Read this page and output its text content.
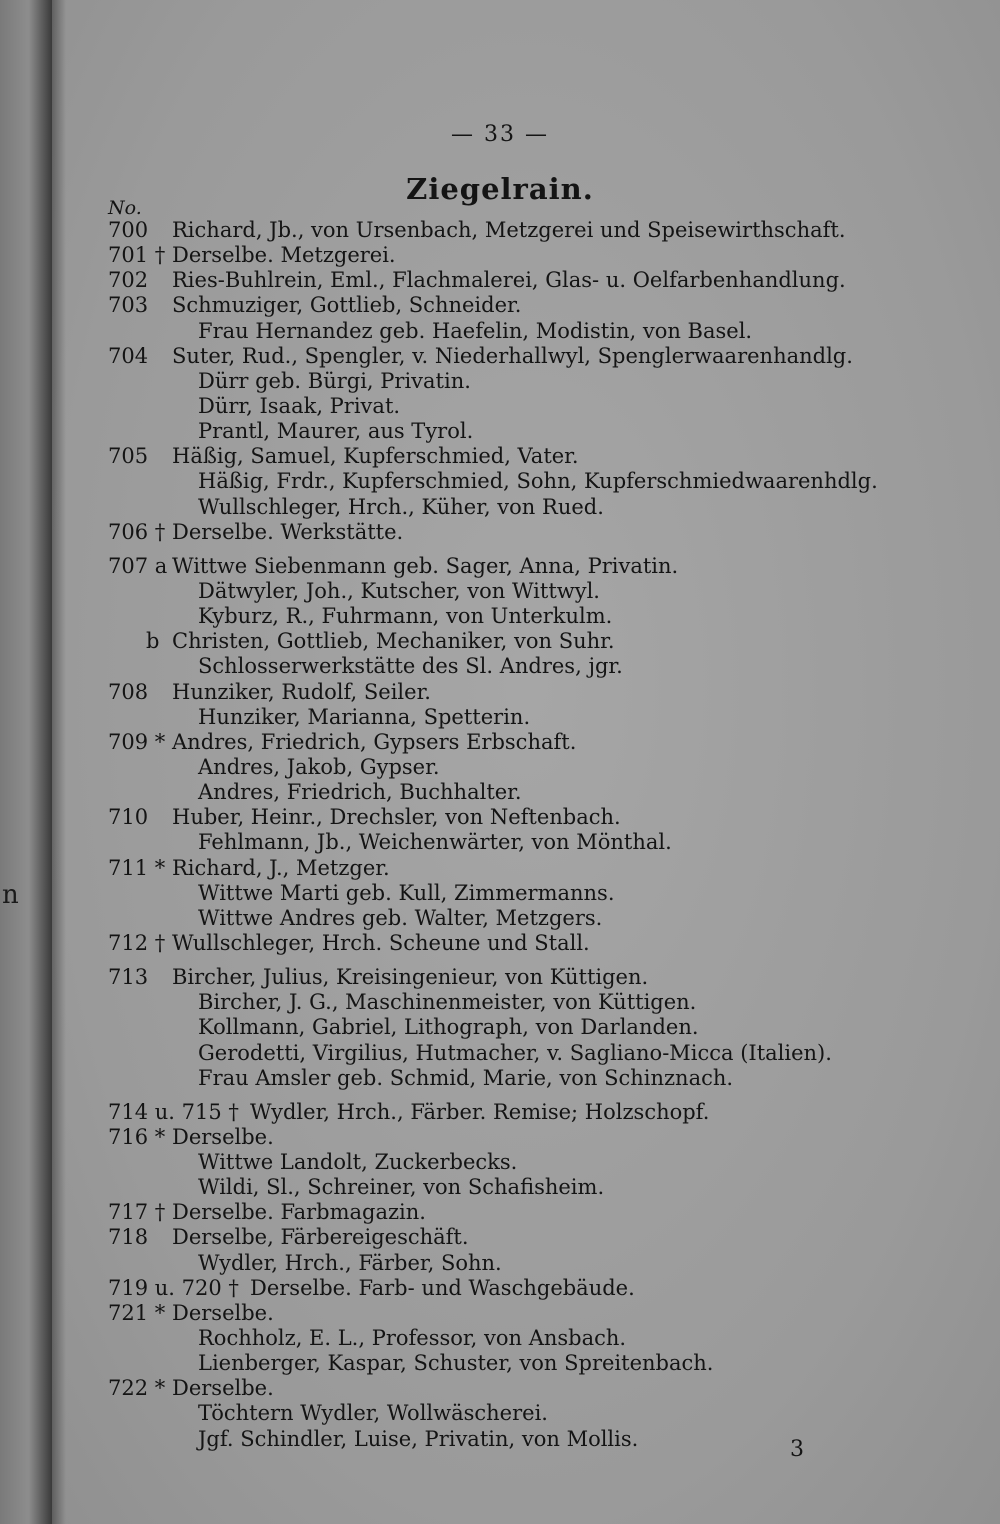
n
— 33 —
Ziegelrain.
No.
700 Richard, Jb., von Ursenbach, Metzgerei und Speisewirthschaft.
701 † Derselbe. Metzgerei.
702 Ries-Buhlrein, Eml., Flachmalerei, Glas- u. Oelfarbenhandlung.
703 Schmuziger, Gottlieb, Schneider.
Frau Hernandez geb. Haefelin, Modistin, von Basel.
704 Suter, Rud., Spengler, v. Niederhallwyl, Spenglerwaarenhandlg.
Dürr geb. Bürgi, Privatin.
Dürr, Isaak, Privat.
Prantl, Maurer, aus Tyrol.
705 Häßig, Samuel, Kupferschmied, Vater.
Häßig, Frdr., Kupferschmied, Sohn, Kupferschmiedwaarenhdlg.
Wullschleger, Hrch., Küher, von Rued.
706 † Derselbe. Werkstätte.
707 a Wittwe Siebenmann geb. Sager, Anna, Privatin.
Dätwyler, Joh., Kutscher, von Wittwyl.
Kyburz, R., Fuhrmann, von Unterkulm.
b Christen, Gottlieb, Mechaniker, von Suhr.
Schlosserwerkstätte des Sl. Andres, jgr.
708 Hunziker, Rudolf, Seiler.
Hunziker, Marianna, Spetterin.
709 * Andres, Friedrich, Gypsers Erbschaft.
Andres, Jakob, Gypser.
Andres, Friedrich, Buchhalter.
710 Huber, Heinr., Drechsler, von Neftenbach.
Fehlmann, Jb., Weichenwärter, von Mönthal.
711 * Richard, J., Metzger.
Wittwe Marti geb. Kull, Zimmermanns.
Wittwe Andres geb. Walter, Metzgers.
712 † Wullschleger, Hrch. Scheune und Stall.
713 Bircher, Julius, Kreisingenieur, von Küttigen.
Bircher, J. G., Maschinenmeister, von Küttigen.
Kollmann, Gabriel, Lithograph, von Darlanden.
Gerodetti, Virgilius, Hutmacher, v. Sagliano-Micca (Italien).
Frau Amsler geb. Schmid, Marie, von Schinznach.
714 u. 715 † Wydler, Hrch., Färber. Remise; Holzschopf.
716 * Derselbe.
Wittwe Landolt, Zuckerbecks.
Wildi, Sl., Schreiner, von Schafisheim.
717 † Derselbe. Farbmagazin.
718 Derselbe, Färbereigeschäft.
Wydler, Hrch., Färber, Sohn.
719 u. 720 † Derselbe. Farb- und Waschgebäude.
721 * Derselbe.
Rochholz, E. L., Professor, von Ansbach.
Lienberger, Kaspar, Schuster, von Spreitenbach.
722 * Derselbe.
Töchtern Wydler, Wollwäscherei.
Jgf. Schindler, Luise, Privatin, von Mollis.	3
